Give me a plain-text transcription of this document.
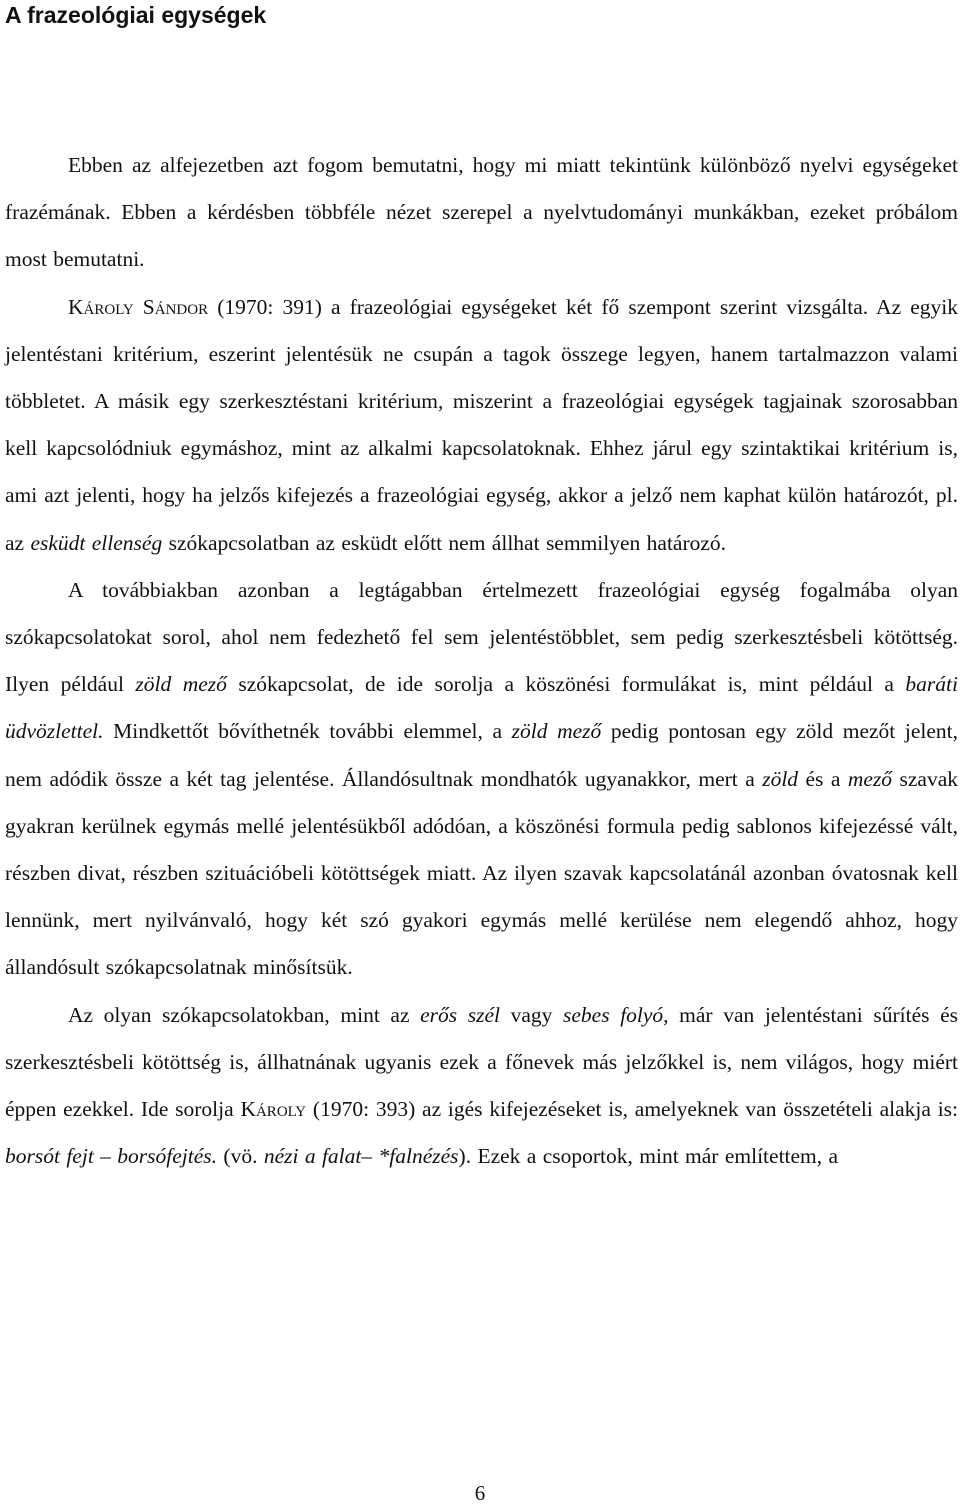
A frazeológiai egységek

Ebben az alfejezetben azt fogom bemutatni, hogy mi miatt tekintünk különböző nyelvi egységeket frazémának. Ebben a kérdésben többféle nézet szerepel a nyelvtudományi munkákban, ezeket próbálom most bemutatni.

Károly Sándor (1970: 391) a frazeológiai egységeket két fő szempont szerint vizsgálta. Az egyik jelentéstani kritérium, eszerint jelentésük ne csupán a tagok összege legyen, hanem tartalmazzon valami többletet. A másik egy szerkesztéstani kritérium, miszerint a frazeológiai egységek tagjainak szorosabban kell kapcsolódniuk egymáshoz, mint az alkalmi kapcsolatoknak. Ehhez járul egy szintaktikai kritérium is, ami azt jelenti, hogy ha jelzős kifejezés a frazeológiai egység, akkor a jelző nem kaphat külön határozót, pl. az esküdt ellenség szókapcsolatban az esküdt előtt nem állhat semmilyen határozó.

A továbbiakban azonban a legtágabban értelmezett frazeológiai egység fogalmába olyan szókapcsolatokat sorol, ahol nem fedezhető fel sem jelentéstöbblet, sem pedig szerkesztésbeli kötöttség. Ilyen például zöld mező szókapcsolat, de ide sorolja a köszönési formulákat is, mint például a baráti üdvözlettel. Mindkettőt bővíthetnék további elemmel, a zöld mező pedig pontosan egy zöld mezőt jelent, nem adódik össze a két tag jelentése. Állandósultnak mondhatók ugyanakkor, mert a zöld és a mező szavak gyakran kerülnek egymás mellé jelentésükből adódóan, a köszönési formula pedig sablonos kifejezéssé vált, részben divat, részben szituációbeli kötöttségek miatt. Az ilyen szavak kapcsolatánál azonban óvatosnak kell lennünk, mert nyilvánvaló, hogy két szó gyakori egymás mellé kerülése nem elegendő ahhoz, hogy állandósult szókapcsolatnak minősítsük.

Az olyan szókapcsolatokban, mint az erős szél vagy sebes folyó, már van jelentéstani sűrítés és szerkesztésbeli kötöttség is, állhatnának ugyanis ezek a főnevek más jelzőkkel is, nem világos, hogy miért éppen ezekkel. Ide sorolja Károly (1970: 393) az igés kifejezéseket is, amelyeknek van összetételi alakja is: borsót fejt – borsófejtés. (vö. nézi a falat– *falnézés). Ezek a csoportok, mint már említettem, a

6
